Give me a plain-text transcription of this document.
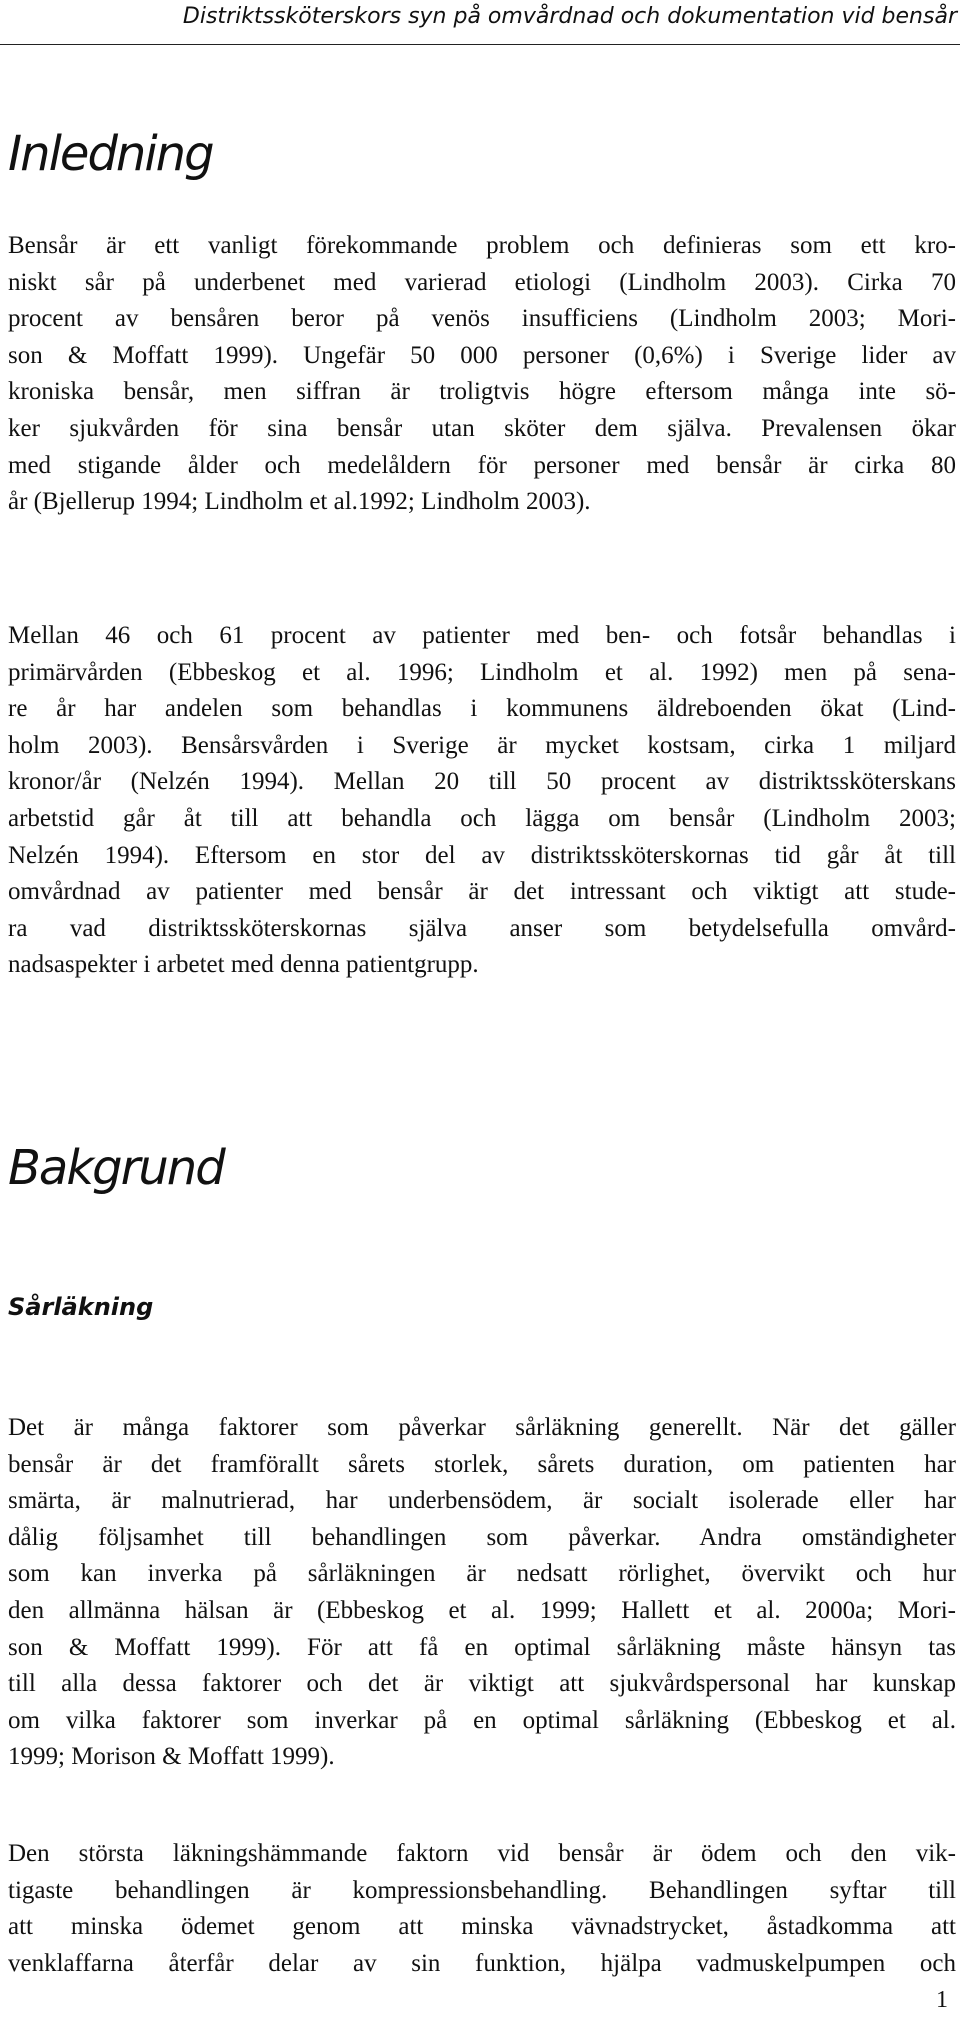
Distriktssköterskors syn på omvårdnad och dokumentation vid bensår
Inledning
Bensår är ett vanligt förekommande problem och definieras som ett kro-
niskt sår på underbenet med varierad etiologi (Lindholm 2003). Cirka 70
procent av bensåren beror på venös insufficiens (Lindholm 2003; Mori-
son & Moffatt 1999). Ungefär 50 000 personer (0,6%) i Sverige lider av
kroniska bensår, men siffran är troligtvis högre eftersom många inte sö-
ker sjukvården för sina bensår utan sköter dem själva. Prevalensen ökar
med stigande ålder och medelåldern för personer med bensår är cirka 80
år (Bjellerup 1994; Lindholm et al.1992; Lindholm 2003).
Mellan 46 och 61 procent av patienter med ben- och fotsår behandlas i
primärvården (Ebbeskog et al. 1996; Lindholm et al. 1992) men på sena-
re år har andelen som behandlas i kommunens äldreboenden ökat (Lind-
holm 2003). Bensårsvården i Sverige är mycket kostsam, cirka 1 miljard
kronor/år (Nelzén 1994). Mellan 20 till 50 procent av distriktssköterskans
arbetstid går åt till att behandla och lägga om bensår (Lindholm 2003;
Nelzén 1994). Eftersom en stor del av distriktssköterskornas tid går åt till
omvårdnad av patienter med bensår är det intressant och viktigt att stude-
ra vad distriktssköterskornas själva anser som betydelsefulla omvård-
nadsaspekter i arbetet med denna patientgrupp.
Bakgrund
Sårläkning
Det är många faktorer som påverkar sårläkning generellt. När det gäller
bensår är det framförallt sårets storlek, sårets duration, om patienten har
smärta, är malnutrierad, har underbensödem, är socialt isolerade eller har
dålig följsamhet till behandlingen som påverkar. Andra omständigheter
som kan inverka på sårläkningen är nedsatt rörlighet, övervikt och hur
den allmänna hälsan är (Ebbeskog et al. 1999; Hallett et al. 2000a; Mori-
son & Moffatt 1999). För att få en optimal sårläkning måste hänsyn tas
till alla dessa faktorer och det är viktigt att sjukvårdspersonal har kunskap
om vilka faktorer som inverkar på en optimal sårläkning (Ebbeskog et al.
1999; Morison & Moffatt 1999).
Den största läkningshämmande faktorn vid bensår är ödem och den vik-
tigaste behandlingen är kompressionsbehandling. Behandlingen syftar till
att minska ödemet genom att minska vävnadstrycket, åstadkomma att
venklaffarna återfår delar av sin funktion, hjälpa vadmuskelpumpen och
1
